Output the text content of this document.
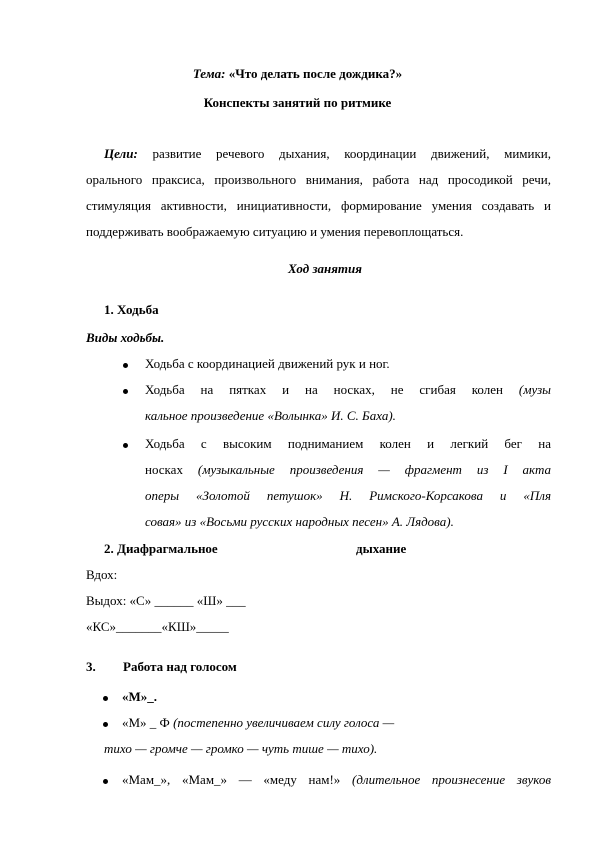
Тема: «Что делать после дождика?»
Конспекты занятий по ритмике
Цели: развитие речевого дыхания, координации движений, мимики,
орального праксиса, произвольного внимания, работа над просодикой речи,
стимуляция активности, инициативности, формирование умения создавать и
поддерживать воображаемую ситуацию и умения перевоплощаться.
Ход занятия
1. Ходьба
Виды ходьбы.
Ходьба с координацией движений рук и ног.
Ходьба на пятках и на носках, не сгибая колен (музы
кальное произведение «Волынка» И. С. Баха).
Ходьба с высоким подниманием колен и легкий бег на
носках (музыкальные произведения — фрагмент из I акта
оперы «Золотой петушок» Н. Римского-Корсакова и «Пля
совая» из «Восьми русских народных песен» А. Лядова).
2. Диафрагмальное	дыхание
Вдох:
Выдох: «С» ______ «Ш» ___
«КС»_______«КШ»_____
3. Работа над голосом
«М»_.
«М» _ Ф (постепенно увеличиваем силу голоса —
тихо — громче — громко — чуть тише — тихо).
«Мам_», «Мам_» — «меду нам!» (длительное произнесение звуков
